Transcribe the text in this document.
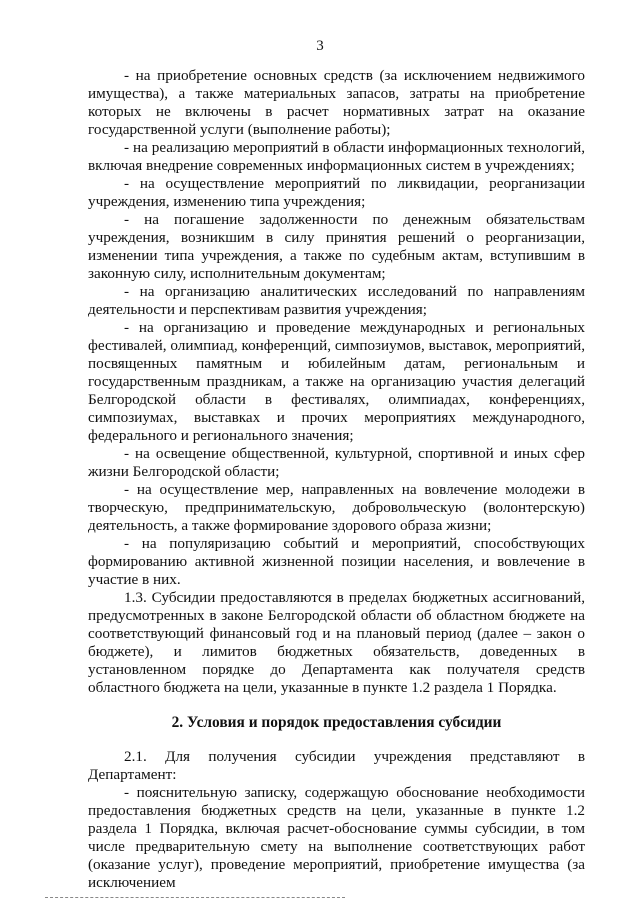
3

- на приобретение основных средств (за исключением недвижимого имущества), а также материальных запасов, затраты на приобретение которых не включены в расчет нормативных затрат на оказание государственной услуги (выполнение работы);

- на реализацию мероприятий в области информационных технологий, включая внедрение современных информационных систем в учреждениях;

- на осуществление мероприятий по ликвидации, реорганизации учреждения, изменению типа учреждения;

- на погашение задолженности по денежным обязательствам учреждения, возникшим в силу принятия решений о реорганизации, изменении типа учреждения, а также по судебным актам, вступившим в законную силу, исполнительным документам;

- на организацию аналитических исследований по направлениям деятельности и перспективам развития учреждения;

- на организацию и проведение международных и региональных фестивалей, олимпиад, конференций, симпозиумов, выставок, мероприятий, посвященных памятным и юбилейным датам, региональным и государственным праздникам, а также на организацию участия делегаций Белгородской области в фестивалях, олимпиадах, конференциях, симпозиумах, выставках и прочих мероприятиях международного, федерального и регионального значения;

- на освещение общественной, культурной, спортивной и иных сфер жизни Белгородской области;

- на осуществление мер, направленных на вовлечение молодежи в творческую, предпринимательскую, добровольческую (волонтерскую) деятельность, а также формирование здорового образа жизни;

- на популяризацию событий и мероприятий, способствующих формированию активной жизненной позиции населения, и вовлечение в участие в них.

1.3. Субсидии предоставляются в пределах бюджетных ассигнований, предусмотренных в законе Белгородской области об областном бюджете на соответствующий финансовый год и на плановый период (далее – закон о бюджете), и лимитов бюджетных обязательств, доведенных в установленном порядке до Департамента как получателя средств областного бюджета на цели, указанные в пункте 1.2 раздела 1 Порядка.

2. Условия и порядок предоставления субсидии

2.1. Для получения субсидии учреждения представляют в Департамент:

- пояснительную записку, содержащую обоснование необходимости предоставления бюджетных средств на цели, указанные в пункте 1.2 раздела 1 Порядка, включая расчет-обоснование суммы субсидии, в том числе предварительную смету на выполнение соответствующих работ (оказание услуг), проведение мероприятий, приобретение имущества (за исключением
